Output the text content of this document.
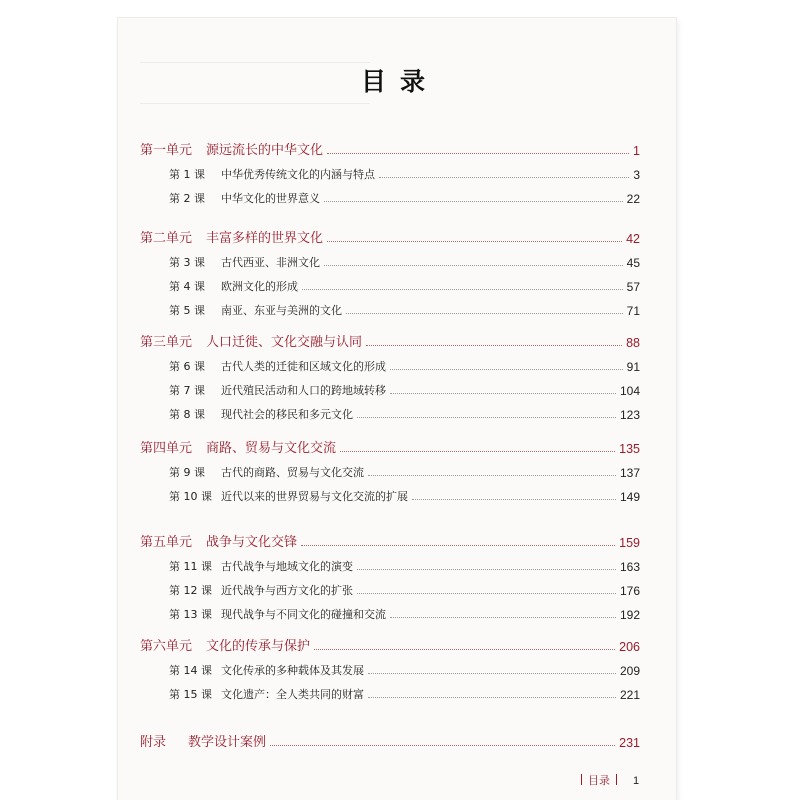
目录
第一单元	源远流长的中华文化	1
第 1 课	中华优秀传统文化的内涵与特点	3
第 2 课	中华文化的世界意义	22
第二单元	丰富多样的世界文化	42
第 3 课	古代西亚、非洲文化	45
第 4 课	欧洲文化的形成	57
第 5 课	南亚、东亚与美洲的文化	71
第三单元	人口迁徙、文化交融与认同	88
第 6 课	古代人类的迁徙和区域文化的形成	91
第 7 课	近代殖民活动和人口的跨地域转移	104
第 8 课	现代社会的移民和多元文化	123
第四单元	商路、贸易与文化交流	135
第 9 课	古代的商路、贸易与文化交流	137
第 10 课 近代以来的世界贸易与文化交流的扩展	149
第五单元	战争与文化交锋	159
第 11 课 古代战争与地域文化的演变	163
第 12 课 近代战争与西方文化的扩张	176
第 13 课 现代战争与不同文化的碰撞和交流	192
第六单元	文化的传承与保护	206
第 14 课 文化传承的多种载体及其发展	209
第 15 课 文化遗产：全人类共同的财富	221
附录	教学设计案例	231
目录 1
